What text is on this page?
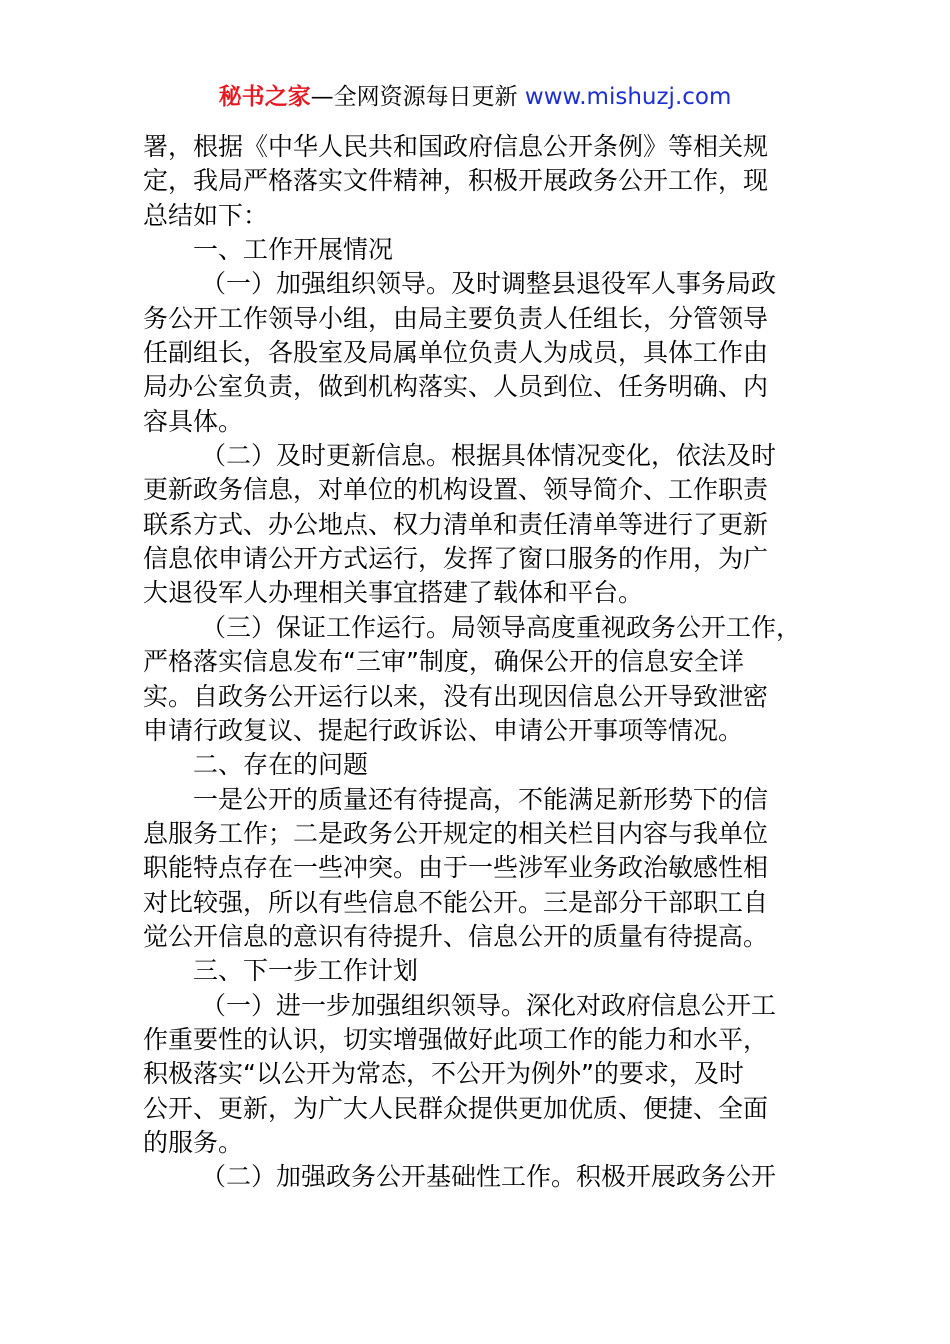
秘书之家—全网资源每日更新 www.mishuzj.com
署，根据《中华人民共和国政府信息公开条例》等相关规
定，我局严格落实文件精神，积极开展政务公开工作，现
总结如下：
一、工作开展情况
（一）加强组织领导。及时调整县退役军人事务局政
务公开工作领导小组，由局主要负责人任组长，分管领导
任副组长，各股室及局属单位负责人为成员，具体工作由
局办公室负责，做到机构落实、人员到位、任务明确、内
容具体。
（二）及时更新信息。根据具体情况变化，依法及时
更新政务信息，对单位的机构设置、领导简介、工作职责
联系方式、办公地点、权力清单和责任清单等进行了更新
信息依申请公开方式运行，发挥了窗口服务的作用，为广
大退役军人办理相关事宜搭建了载体和平台。
（三）保证工作运行。局领导高度重视政务公开工作，
严格落实信息发布“三审”制度，确保公开的信息安全详
实。自政务公开运行以来，没有出现因信息公开导致泄密
申请行政复议、提起行政诉讼、申请公开事项等情况。
二、存在的问题
一是公开的质量还有待提高，不能满足新形势下的信
息服务工作；二是政务公开规定的相关栏目内容与我单位
职能特点存在一些冲突。由于一些涉军业务政治敏感性相
对比较强，所以有些信息不能公开。三是部分干部职工自
觉公开信息的意识有待提升、信息公开的质量有待提高。
三、下一步工作计划
（一）进一步加强组织领导。深化对政府信息公开工
作重要性的认识，切实增强做好此项工作的能力和水平，
积极落实“以公开为常态，不公开为例外”的要求，及时
公开、更新，为广大人民群众提供更加优质、便捷、全面
的服务。
（二）加强政务公开基础性工作。积极开展政务公开
